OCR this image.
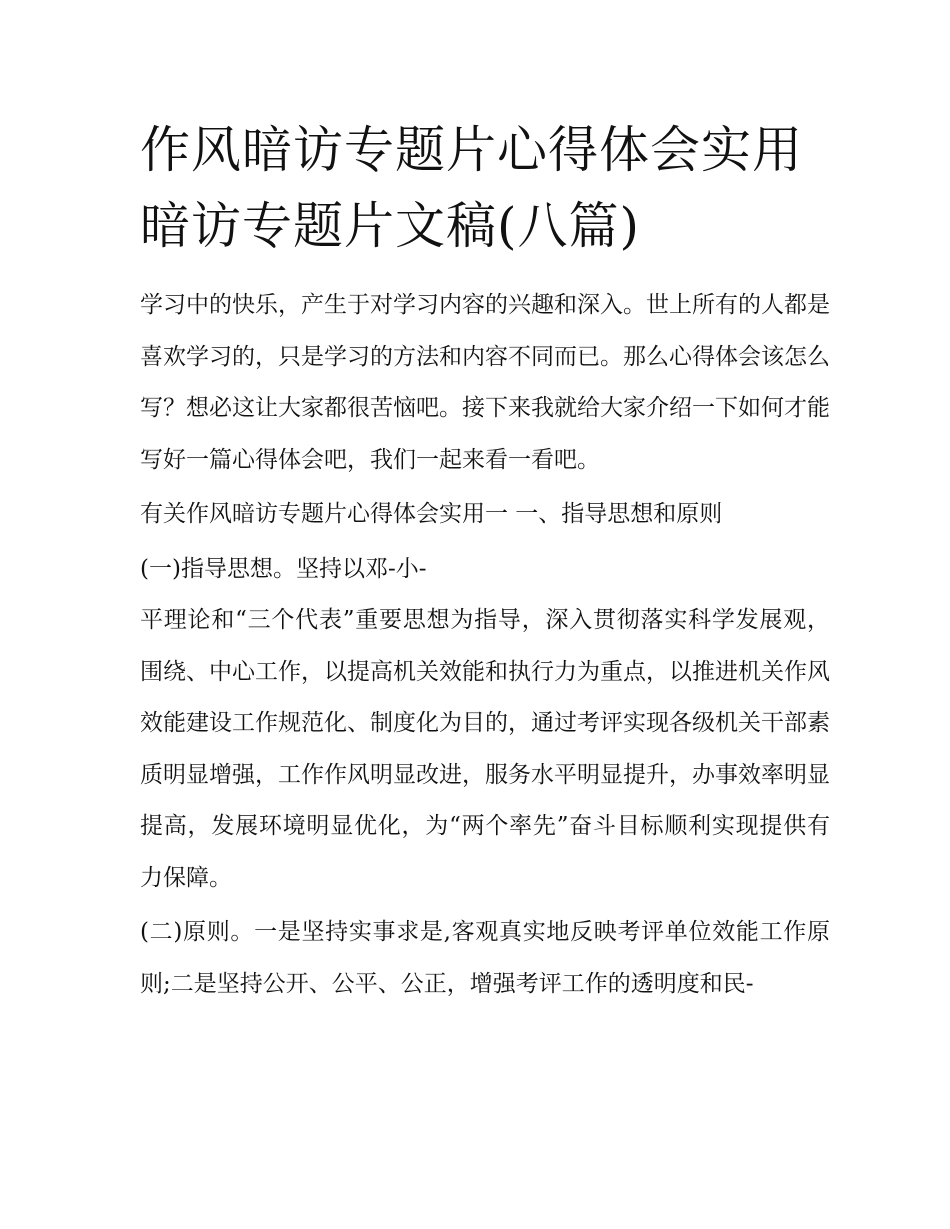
作风暗访专题片心得体会实用
暗访专题片文稿(八篇)

学习中的快乐，产生于对学习内容的兴趣和深入。世上所有的人都是喜欢学习的，只是学习的方法和内容不同而已。那么心得体会该怎么写？想必这让大家都很苦恼吧。接下来我就给大家介绍一下如何才能写好一篇心得体会吧，我们一起来看一看吧。

有关作风暗访专题片心得体会实用一 一、指导思想和原则

(一)指导思想。坚持以邓-小-

平理论和“三个代表”重要思想为指导，深入贯彻落实科学发展观，围绕、中心工作，以提高机关效能和执行力为重点，以推进机关作风效能建设工作规范化、制度化为目的，通过考评实现各级机关干部素质明显增强，工作作风明显改进，服务水平明显提升，办事效率明显提高，发展环境明显优化，为“两个率先”奋斗目标顺利实现提供有力保障。

(二)原则。一是坚持实事求是,客观真实地反映考评单位效能工作原则;二是坚持公开、公平、公正，增强考评工作的透明度和民-
